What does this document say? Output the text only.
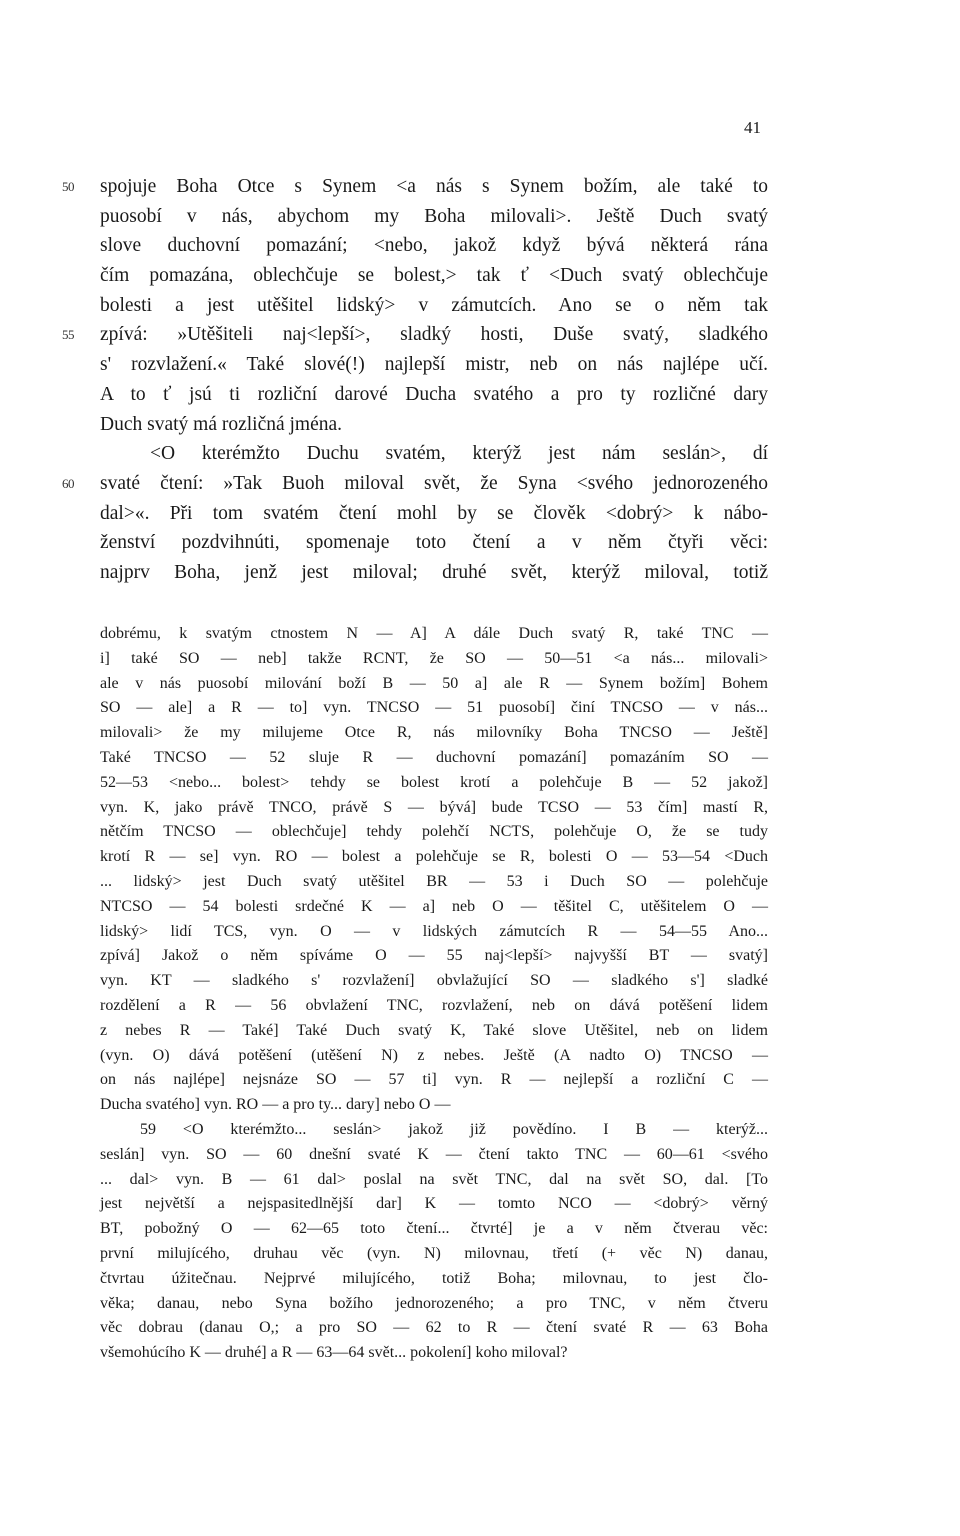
41
50 spojuje Boha Otce s Synem <a nás s Synem božím, ale také to
puosobí v nás, abychom my Boha milovali>. Ještě Duch svatý
slove duchovní pomazání; <nebo, jakož když bývá některá rána
čím pomazána, oblechčuje se bolest,> tak ť <Duch svatý oblechčuje
bolesti a jest utěšitel lidský> v zámutcích. Ano se o něm tak
55 zpívá: »Utěšiteli naj<lepší>, sladký hosti, Duše svatý, sladkého
s' rozvlažení.« Také slové(!) najlepší mistr, neb on nás najlépe učí.
A to ť jsú ti rozliční darové Ducha svatého a pro ty rozličné dary
Duch svatý má rozličná jména.
<O kterémžto Duchu svatém, kterýž jest nám seslán>, dí
60 svaté čtení: »Tak Buoh miloval svět, že Syna <svého jednorozeného
dal>«. Při tom svatém čtení mohl by se člověk <dobrý> k nábo-
ženství pozdvihnúti, spomenaje toto čtení a v něm čtyři věci:
najprv Boha, jenž jest miloval; druhé svět, kterýž miloval, totiž
dobrému, k svatým ctnostem N — A] A dále Duch svatý R, také TNC —
i] také SO — neb] takže RCNT, že SO — 50—51 <a nás... milovali>
ale v nás puosobí milování boží B — 50 a] ale R — Synem božím] Bohem
SO — ale] a R — to] vyn. TNCSO — 51 puosobí] činí TNCSO — v nás...
milovali> že my milujeme Otce R, nás milovníky Boha TNCSO — Ještě]
Také TNCSO — 52 sluje R — duchovní pomazání] pomazáním SO —
52—53 <nebo... bolest> tehdy se bolest krotí a polehčuje B — 52 jakož]
vyn. K, jako právě TNCO, právě S — bývá] bude TCSO — 53 čím] mastí R,
nětčím TNCSO — oblechčuje] tehdy polehčí NCTS, polehčuje O, že se tudy
krotí R — se] vyn. RO — bolest a polehčuje se R, bolesti O — 53—54 <Duch
... lidský> jest Duch svatý utěšitel BR — 53 i Duch SO — polehčuje
NTCSO — 54 bolesti srdečné K — a] neb O — těšitel C, utěšitelem O —
lidský> lidí TCS, vyn. O — v lidských zámutcích R — 54—55 Ano...
zpívá] Jakož o něm spíváme O — 55 naj<lepší> najvyšší BT — svatý]
vyn. KT — sladkého s' rozvlažení] obvlažující SO — sladkého s'] sladké
rozdělení a R — 56 obvlažení TNC, rozvlažení, neb on dává potěšení lidem
z nebes R — Také] Také Duch svatý K, Také slove Utěšitel, neb on lidem
(vyn. O) dává potěšení (utěšení N) z nebes. Ještě (A nadto O) TNCSO —
on nás najlépe] nejsnáze SO — 57 ti] vyn. R — nejlepší a rozliční C —
Ducha svatého] vyn. RO — a pro ty... dary] nebo O —
59 <O kterémžto... seslán> jakož již povědíno. I B — kterýž...
seslán] vyn. SO — 60 dnešní svaté K — čtení takto TNC — 60—61 <svého
... dal> vyn. B — 61 dal> poslal na svět TNC, dal na svět SO, dal. [To
jest největší a nejspasitedlnější dar] K — tomto NCO — <dobrý> věrný
BT, pobožný O — 62—65 toto čtení... čtvrté] je a v něm čtverau věc:
první milujícého, druhau věc (vyn. N) milovnau, třetí (+ věc N) danau,
čtvrtau úžitečnau. Nejprvé milujícého, totiž Boha; milovnau, to jest člo-
věka; danau, nebo Syna božího jednorozeného; a pro TNC, v něm čtveru
věc dobrau (danau O,; a pro SO — 62 to R — čtení svaté R — 63 Boha
všemohúcího K — druhé] a R — 63—64 svět... pokolení] koho miloval?
